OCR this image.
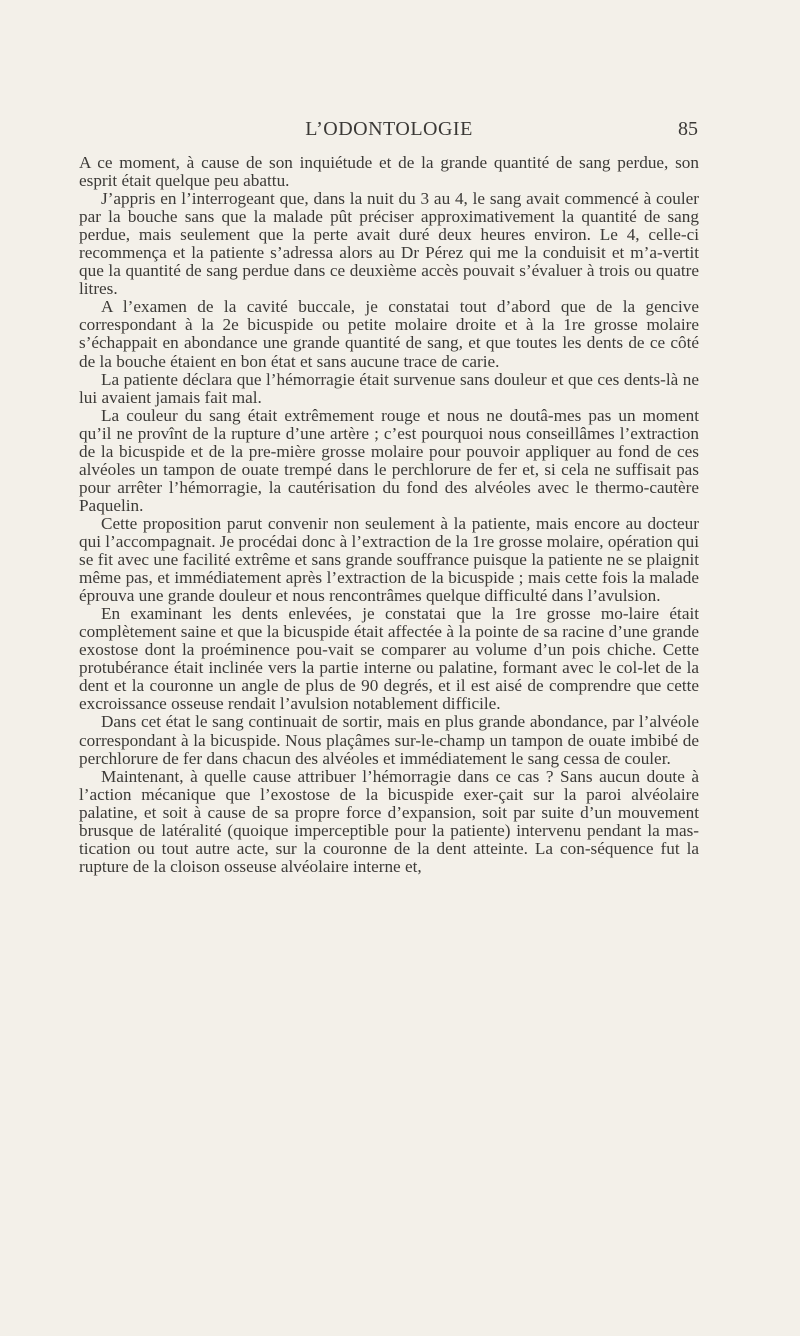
L’ODONTOLOGIE	85

A ce moment, à cause de son inquiétude et de la grande quantité de sang perdue, son esprit était quelque peu abattu.

J’appris en l’interrogeant que, dans la nuit du 3 au 4, le sang avait commencé à couler par la bouche sans que la malade pût préciser approximativement la quantité de sang perdue, mais seulement que la perte avait duré deux heures environ. Le 4, celle-ci recommença et la patiente s’adressa alors au Dr Pérez qui me la conduisit et m’a-vertit que la quantité de sang perdue dans ce deuxième accès pouvait s’évaluer à trois ou quatre litres.

A l’examen de la cavité buccale, je constatai tout d’abord que de la gencive correspondant à la 2e bicuspide ou petite molaire droite et à la 1re grosse molaire s’échappait en abondance une grande quantité de sang, et que toutes les dents de ce côté de la bouche étaient en bon état et sans aucune trace de carie.

La patiente déclara que l’hémorragie était survenue sans douleur et que ces dents-là ne lui avaient jamais fait mal.

La couleur du sang était extrêmement rouge et nous ne doutâ-mes pas un moment qu’il ne provînt de la rupture d’une artère ; c’est pourquoi nous conseillâmes l’extraction de la bicuspide et de la pre-mière grosse molaire pour pouvoir appliquer au fond de ces alvéoles un tampon de ouate trempé dans le perchlorure de fer et, si cela ne suffisait pas pour arrêter l’hémorragie, la cautérisation du fond des alvéoles avec le thermo-cautère Paquelin.

Cette proposition parut convenir non seulement à la patiente, mais encore au docteur qui l’accompagnait. Je procédai donc à l’extraction de la 1re grosse molaire, opération qui se fit avec une facilité extrême et sans grande souffrance puisque la patiente ne se plaignit même pas, et immédiatement après l’extraction de la bicuspide ; mais cette fois la malade éprouva une grande douleur et nous rencontrâmes quelque difficulté dans l’avulsion.

En examinant les dents enlevées, je constatai que la 1re grosse mo-laire était complètement saine et que la bicuspide était affectée à la pointe de sa racine d’une grande exostose dont la proéminence pou-vait se comparer au volume d’un pois chiche. Cette protubérance était inclinée vers la partie interne ou palatine, formant avec le col-let de la dent et la couronne un angle de plus de 90 degrés, et il est aisé de comprendre que cette excroissance osseuse rendait l’avulsion notablement difficile.

Dans cet état le sang continuait de sortir, mais en plus grande abondance, par l’alvéole correspondant à la bicuspide. Nous plaçâmes sur-le-champ un tampon de ouate imbibé de perchlorure de fer dans chacun des alvéoles et immédiatement le sang cessa de couler.

Maintenant, à quelle cause attribuer l’hémorragie dans ce cas ? Sans aucun doute à l’action mécanique que l’exostose de la bicuspide exer-çait sur la paroi alvéolaire palatine, et soit à cause de sa propre force d’expansion, soit par suite d’un mouvement brusque de latéralité (quoique imperceptible pour la patiente) intervenu pendant la mas-tication ou tout autre acte, sur la couronne de la dent atteinte. La con-séquence fut la rupture de la cloison osseuse alvéolaire interne et,
